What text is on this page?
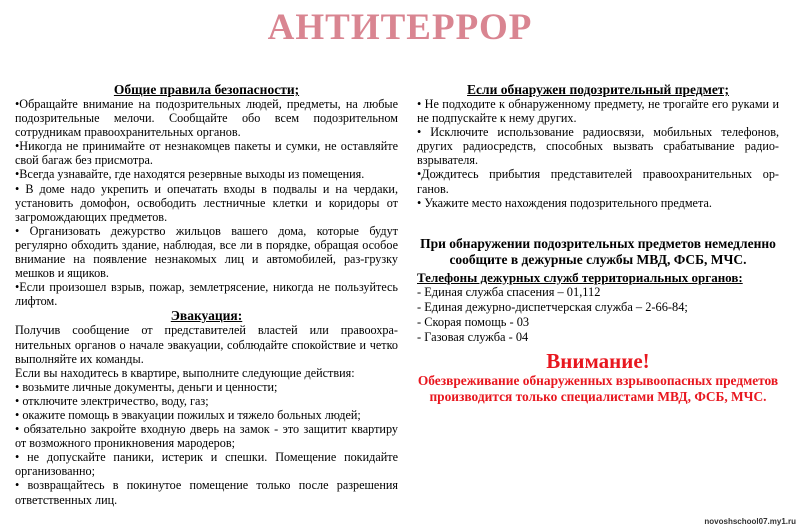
АНТИТЕРРОР

Общие правила безопасности;

•Обращайте внимание на подозрительных людей, предметы, на любые подозрительные мелочи. Сообщайте обо всем подозрительном сотрудникам правоохранительных органов.

•Никогда не принимайте от незнакомцев пакеты и сумки, не оставляйте свой багаж без присмотра.

•Всегда узнавайте, где находятся резервные выходы из помещения.

• В доме надо укрепить и опечатать входы в подвалы и на чердаки, установить домофон, освободить лестничные клетки и коридоры от загромождающих предметов.

• Организовать дежурство жильцов вашего дома, которые будут регулярно обходить здание, наблюдая, все ли в порядке, обращая особое внимание на появление незнакомых лиц и автомобилей, раз-грузку мешков и ящиков.

•Если произошел взрыв, пожар, землетрясение, никогда не пользуйтесь лифтом.

Эвакуация:

Получив сообщение от представителей властей или правоохра-нительных органов о начале эвакуации, соблюдайте спокойствие и четко выполняйте их команды.

Если вы находитесь в квартире, выполните следующие действия:

• возьмите личные документы, деньги и ценности;

• отключите электричество, воду, газ;

• окажите помощь в эвакуации пожилых и тяжело больных людей;

• обязательно закройте входную дверь на замок - это защитит квартиру от возможного проникновения мародеров;

• не допускайте паники, истерик и спешки. Помещение покидайте организованно;

• возвращайтесь в покинутое помещение только после разрешения ответственных лиц.

Если обнаружен подозрительный предмет;

• Не подходите к обнаруженному предмету, не трогайте его руками и не подпускайте к нему других.

• Исключите использование радиосвязи, мобильных телефонов, других радиосредств, способных вызвать срабатывание радио-взрывателя.

•Дождитесь прибытия представителей правоохранительных ор-ганов.

• Укажите место нахождения подозрительного предмета.

При обнаружении подозрительных предметов немедленно сообщите в дежурные службы МВД, ФСБ, МЧС.

Телефоны дежурных служб территориальных органов:

- Единая служба спасения – 01,112

- Единая дежурно-диспетчерская служба – 2-66-84;

- Скорая помощь - 03

- Газовая служба - 04

Внимание!

Обезвреживание обнаруженных взрывоопасных предметов производится только специалистами МВД, ФСБ, МЧС.

novoshschool07.my1.ru
